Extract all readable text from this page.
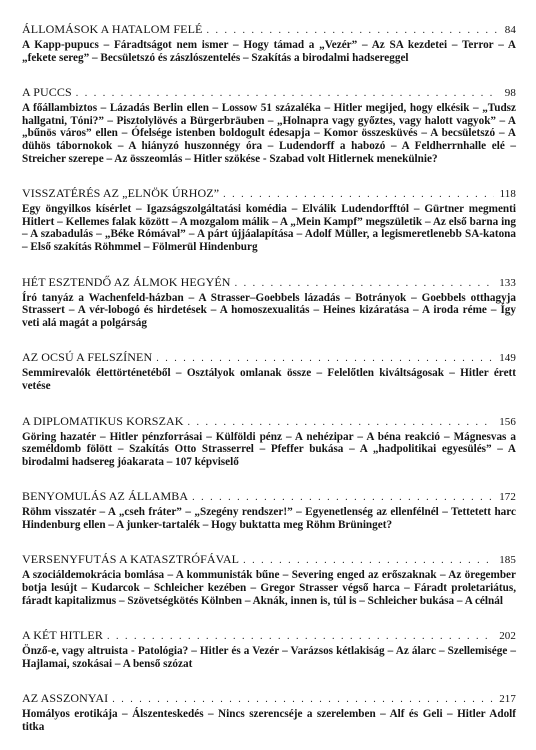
ÁLLOMÁSOK A HATALOM FELÉ . . .	84
A Kapp-pupucs – Fáradtságot nem ismer – Hogy támad a „Vezér” – Az SA kezdetei – Terror – A „fekete sereg” – Becsületszó és zászlószentelés – Szakítás a birodalmi hadsereggel
A PUCCS . . .	98
A főállambiztos – Lázadás Berlin ellen – Lossow 51 százaléka – Hitler megijed, hogy elkésik – „Tudsz hallgatni, Tóni?” – Pisztolylövés a Bürgerbräuben – „Holnapra vagy győztes, vagy halott vagyok” – A „bűnös város” ellen – Ófelsége istenben boldogult édesapja – Komor összesküvés – A becsületszó – A dühös tábornokok – A hiányzó huszonnégy óra – Ludendorff a habozó – A Feldherrnhalle elé – Streicher szerepe – Az összeomlás – Hitler szökése - Szabad volt Hitlernek menekülnie?
VISSZATÉRÉS AZ „ELNÖK ÚRHOZ” . . .	118
Egy öngyilkos kísérlet – Igazságszolgáltatási komédia – Elválik Ludendorfftól – Gürtner megmenti Hitlert – Kellemes falak között – A mozgalom málik – A „Mein Kampf” megszületik – Az első barna ing – A szabadulás – „Béke Rómával” – A párt újjáalapítása – Adolf Müller, a legismeretlenebb SA-katona – Első szakítás Röhmmel – Fölmerül Hindenburg
HÉT ESZTENDŐ AZ ÁLMOK HEGYÉN . . .	133
Író tanyáz a Wachenfeld-házban – A Strasser–Goebbels lázadás – Botrányok – Goebbels otthagyja Strassert – A vér-lobogó és hirdetések – A homoszexualitás – Heines kizáratása – A iroda réme – Így veti alá magát a polgárság
AZ OCSÚ A FELSZÍNEN . . .	149
Semmirevalók élettörténetéből – Osztályok omlanak össze – Felelőtlen kiváltságosak – Hitler érett vetése
A DIPLOMATIKUS KORSZAK . . .	156
Göring hazatér – Hitler pénzforrásai – Külföldi pénz – A nehézipar – A béna reakció – Mágnesvas a személdomb fölött – Szakítás Otto Strasserrel – Pfeffer bukása – A „hadpolitikai egyesülés” – A birodalmi hadsereg jóakarata – 107 képviselő
BENYOMULÁS AZ ÁLLAMBA . . .	172
Röhm visszatér – A „cseh fráter” – „Szegény rendszer!” – Egyenetlenség az ellenfélnél – Tettetett harc Hindenburg ellen – A junker-tartalék – Hogy buktatta meg Röhm Brüninget?
VERSENYFUTÁS A KATASZTRÓFÁVAL . . .	185
A szociáldemokrácia bomlása – A kommunisták bűne – Severing enged az erőszaknak – Az öregember botja lesújt – Kudarcok – Schleicher kezében – Gregor Strasser végső harca – Fáradt proletariátus, fáradt kapitalizmus – Szövetségkötés Kölnben – Aknák, innen is, túl is – Schleicher bukása – A célnál
A KÉT HITLER . . .	202
Önző-e, vagy altruista - Patológia? – Hitler és a Vezér – Varázsos kétlakiság – Az álarc – Szellemisége – Hajlamai, szokásai – A benső szózat
AZ ASSZONYAI . . .	217
Homályos erotikája – Álszenteskedés – Nincs szerencséje a szerelemben – Alf és Geli – Hitler Adolf titka
